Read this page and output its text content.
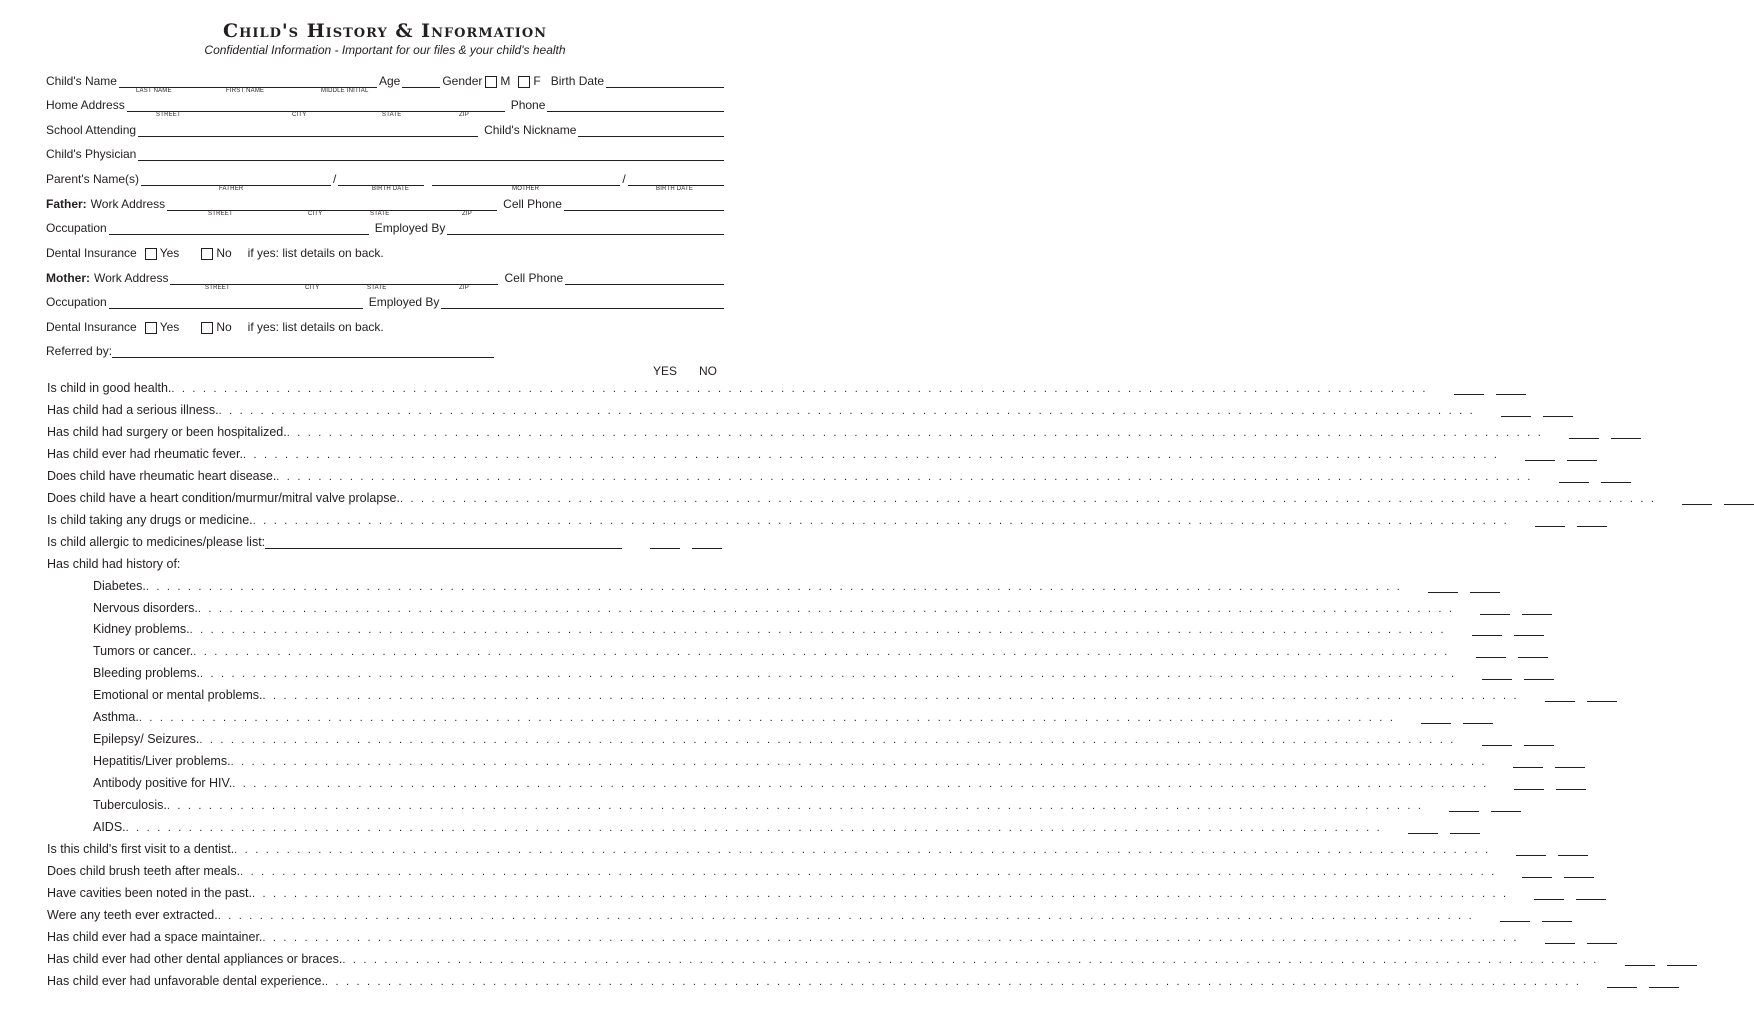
Child's History & Information
Confidential Information - Important for our files & your child's health
Child's Name	Age	Gender M F Birth Date
LAST NAME	FIRST NAME	MIDDLE INITIAL
Home Address	Phone
STREET	CITY	STATE	ZIP
School Attending	Child's Nickname
Child's Physician
Parent's Name(s)	/	/
FATHER	BIRTH DATE	MOTHER	BIRTH DATE
Father: Work Address	Cell Phone
STREET	CITY	STATE	ZIP
Occupation	Employed By
Dental Insurance Yes	No if yes: list details on back.
Mother: Work Address	Cell Phone
STREET	CITY	STATE	ZIP
Occupation	Employed By
Dental Insurance Yes	No if yes: list details on back.
Referred by:
YES NO
Is child in good health. . . . . . . . . . . . . . . . . . . . . . . . . . . . . . . . . . . . . . . . . . . . . . . . . . . . . . . . . . . . . . . . . . . . . . . . . . . . . . . . . . . . . . . . . . . . . . . . . . . . . . . . . . . . . . . . . . . . . . . . .
Has child had a serious illness. . . . . . . . . . . . . . . . . . . . . . . . . . . . . . . . . . . . . . . . . . . . . . . . . . . . . . . . . . . . . . . . . . . . . . . . . . . . . . . . . . . . . . . . . . . . . . . . . . . . . . . . . . . . . . . . . . . . . . . . .
Has child had surgery or been hospitalized. . . . . . . . . . . . . . . . . . . . . . . . . . . . . . . . . . . . . . . . . . . . . . . . . . . . . . . . . . . . . . . . . . . . . . . . . . . . . . . . . . . . . . . . . . . . . . . . . . . . . . . . . . . . . . . . . . . . . . . . .
Has child ever had rheumatic fever. . . . . . . . . . . . . . . . . . . . . . . . . . . . . . . . . . . . . . . . . . . . . . . . . . . . . . . . . . . . . . . . . . . . . . . . . . . . . . . . . . . . . . . . . . . . . . . . . . . . . . . . . . . . . . . . . . . . . . . . .
Does child have rheumatic heart disease. . . . . . . . . . . . . . . . . . . . . . . . . . . . . . . . . . . . . . . . . . . . . . . . . . . . . . . . . . . . . . . . . . . . . . . . . . . . . . . . . . . . . . . . . . . . . . . . . . . . . . . . . . . . . . . . . . . . . . . . .
Does child have a heart condition/murmur/mitral valve prolapse. . . . . . . . . . . . . . . . . . . . . . . . . . . . . . . . . . . . . . . . . . . . . . . . . . . . . . . . . . . . . . . . . . . . . . . . . . . . . . . . . . . . . . . . . . . . . . . . . . . . . . . . . . . . . . . . . . . . . . . . .
Is child taking any drugs or medicine. . . . . . . . . . . . . . . . . . . . . . . . . . . . . . . . . . . . . . . . . . . . . . . . . . . . . . . . . . . . . . . . . . . . . . . . . . . . . . . . . . . . . . . . . . . . . . . . . . . . . . . . . . . . . . . . . . . . . . . . .
Is child allergic to medicines/please list:
Has child had history of:
Diabetes. . . . . . . . . . . . . . . . . . . . . . . . . . . . . . . . . . . . . . . . . . . . . . . . . . . . . . . . . . . . . . . . . . . . . . . . . . . . . . . . . . . . . . . . . . . . . . . . . . . . . . . . . . . . . . . . . . . . . . . . .
Nervous disorders. . . . . . . . . . . . . . . . . . . . . . . . . . . . . . . . . . . . . . . . . . . . . . . . . . . . . . . . . . . . . . . . . . . . . . . . . . . . . . . . . . . . . . . . . . . . . . . . . . . . . . . . . . . . . . . . . . . . . . . . .
Kidney problems. . . . . . . . . . . . . . . . . . . . . . . . . . . . . . . . . . . . . . . . . . . . . . . . . . . . . . . . . . . . . . . . . . . . . . . . . . . . . . . . . . . . . . . . . . . . . . . . . . . . . . . . . . . . . . . . . . . . . . . . .
Tumors or cancer. . . . . . . . . . . . . . . . . . . . . . . . . . . . . . . . . . . . . . . . . . . . . . . . . . . . . . . . . . . . . . . . . . . . . . . . . . . . . . . . . . . . . . . . . . . . . . . . . . . . . . . . . . . . . . . . . . . . . . . . .
Bleeding problems. . . . . . . . . . . . . . . . . . . . . . . . . . . . . . . . . . . . . . . . . . . . . . . . . . . . . . . . . . . . . . . . . . . . . . . . . . . . . . . . . . . . . . . . . . . . . . . . . . . . . . . . . . . . . . . . . . . . . . . . .
Emotional or mental problems. . . . . . . . . . . . . . . . . . . . . . . . . . . . . . . . . . . . . . . . . . . . . . . . . . . . . . . . . . . . . . . . . . . . . . . . . . . . . . . . . . . . . . . . . . . . . . . . . . . . . . . . . . . . . . . . . . . . . . . . .
Asthma. . . . . . . . . . . . . . . . . . . . . . . . . . . . . . . . . . . . . . . . . . . . . . . . . . . . . . . . . . . . . . . . . . . . . . . . . . . . . . . . . . . . . . . . . . . . . . . . . . . . . . . . . . . . . . . . . . . . . . . . .
Epilepsy/ Seizures. . . . . . . . . . . . . . . . . . . . . . . . . . . . . . . . . . . . . . . . . . . . . . . . . . . . . . . . . . . . . . . . . . . . . . . . . . . . . . . . . . . . . . . . . . . . . . . . . . . . . . . . . . . . . . . . . . . . . . . . .
Hepatitis/Liver problems. . . . . . . . . . . . . . . . . . . . . . . . . . . . . . . . . . . . . . . . . . . . . . . . . . . . . . . . . . . . . . . . . . . . . . . . . . . . . . . . . . . . . . . . . . . . . . . . . . . . . . . . . . . . . . . . . . . . . . . . .
Antibody positive for HIV. . . . . . . . . . . . . . . . . . . . . . . . . . . . . . . . . . . . . . . . . . . . . . . . . . . . . . . . . . . . . . . . . . . . . . . . . . . . . . . . . . . . . . . . . . . . . . . . . . . . . . . . . . . . . . . . . . . . . . . . .
Tuberculosis. . . . . . . . . . . . . . . . . . . . . . . . . . . . . . . . . . . . . . . . . . . . . . . . . . . . . . . . . . . . . . . . . . . . . . . . . . . . . . . . . . . . . . . . . . . . . . . . . . . . . . . . . . . . . . . . . . . . . . . . .
AIDS. . . . . . . . . . . . . . . . . . . . . . . . . . . . . . . . . . . . . . . . . . . . . . . . . . . . . . . . . . . . . . . . . . . . . . . . . . . . . . . . . . . . . . . . . . . . . . . . . . . . . . . . . . . . . . . . . . . . . . . . .
Is this child's first visit to a dentist. . . . . . . . . . . . . . . . . . . . . . . . . . . . . . . . . . . . . . . . . . . . . . . . . . . . . . . . . . . . . . . . . . . . . . . . . . . . . . . . . . . . . . . . . . . . . . . . . . . . . . . . . . . . . . . . . . . . . . . . .
Does child brush teeth after meals. . . . . . . . . . . . . . . . . . . . . . . . . . . . . . . . . . . . . . . . . . . . . . . . . . . . . . . . . . . . . . . . . . . . . . . . . . . . . . . . . . . . . . . . . . . . . . . . . . . . . . . . . . . . . . . . . . . . . . . . .
Have cavities been noted in the past. . . . . . . . . . . . . . . . . . . . . . . . . . . . . . . . . . . . . . . . . . . . . . . . . . . . . . . . . . . . . . . . . . . . . . . . . . . . . . . . . . . . . . . . . . . . . . . . . . . . . . . . . . . . . . . . . . . . . . . . .
Were any teeth ever extracted. . . . . . . . . . . . . . . . . . . . . . . . . . . . . . . . . . . . . . . . . . . . . . . . . . . . . . . . . . . . . . . . . . . . . . . . . . . . . . . . . . . . . . . . . . . . . . . . . . . . . . . . . . . . . . . . . . . . . . . . .
Has child ever had a space maintainer. . . . . . . . . . . . . . . . . . . . . . . . . . . . . . . . . . . . . . . . . . . . . . . . . . . . . . . . . . . . . . . . . . . . . . . . . . . . . . . . . . . . . . . . . . . . . . . . . . . . . . . . . . . . . . . . . . . . . . . . .
Has child ever had other dental appliances or braces. . . . . . . . . . . . . . . . . . . . . . . . . . . . . . . . . . . . . . . . . . . . . . . . . . . . . . . . . . . . . . . . . . . . . . . . . . . . . . . . . . . . . . . . . . . . . . . . . . . . . . . . . . . . . . . . . . . . . . . . .
Has child ever had unfavorable dental experience. . . . . . . . . . . . . . . . . . . . . . . . . . . . . . . . . . . . . . . . . . . . . . . . . . . . . . . . . . . . . . . . . . . . . . . . . . . . . . . . . . . . . . . . . . . . . . . . . . . . . . . . . . . . . . . . . . . . . . . . .
